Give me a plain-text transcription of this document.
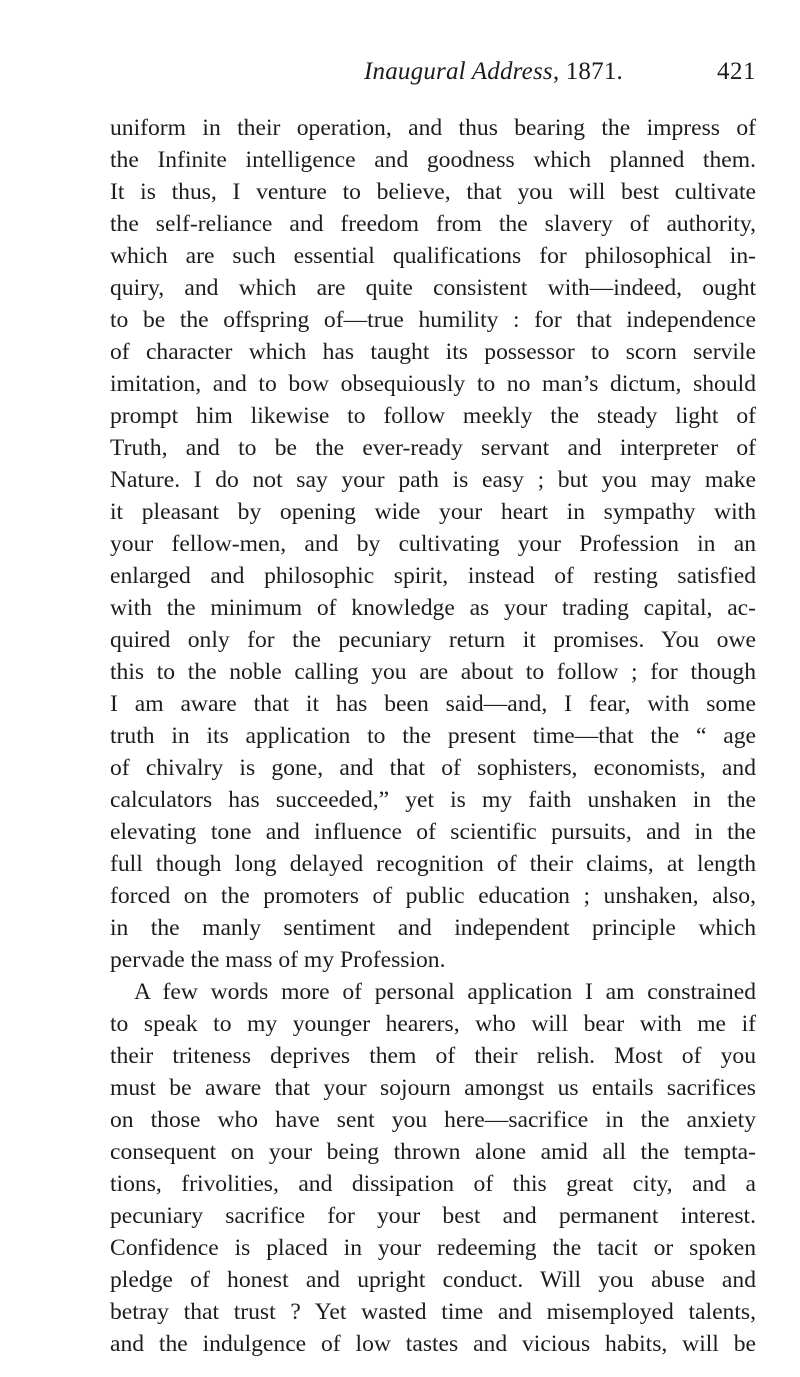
Inaugural Address, 1871.	421
uniform in their operation, and thus bearing the impress of
the Infinite intelligence and goodness which planned them.
It is thus, I venture to believe, that you will best cultivate
the self-reliance and freedom from the slavery of authority,
which are such essential qualifications for philosophical in-
quiry, and which are quite consistent with—indeed, ought
to be the offspring of—true humility : for that independence
of character which has taught its possessor to scorn servile
imitation, and to bow obsequiously to no man’s dictum, should
prompt him likewise to follow meekly the steady light of
Truth, and to be the ever-ready servant and interpreter of
Nature. I do not say your path is easy ; but you may make
it pleasant by opening wide your heart in sympathy with
your fellow-men, and by cultivating your Profession in an
enlarged and philosophic spirit, instead of resting satisfied
with the minimum of knowledge as your trading capital, ac-
quired only for the pecuniary return it promises. You owe
this to the noble calling you are about to follow ; for though
I am aware that it has been said—and, I fear, with some
truth in its application to the present time—that the “ age
of chivalry is gone, and that of sophisters, economists, and
calculators has succeeded,” yet is my faith unshaken in the
elevating tone and influence of scientific pursuits, and in the
full though long delayed recognition of their claims, at length
forced on the promoters of public education ; unshaken, also,
in the manly sentiment and independent principle which
pervade the mass of my Profession.
A few words more of personal application I am constrained
to speak to my younger hearers, who will bear with me if
their triteness deprives them of their relish. Most of you
must be aware that your sojourn amongst us entails sacrifices
on those who have sent you here—sacrifice in the anxiety
consequent on your being thrown alone amid all the tempta-
tions, frivolities, and dissipation of this great city, and a
pecuniary sacrifice for your best and permanent interest.
Confidence is placed in your redeeming the tacit or spoken
pledge of honest and upright conduct. Will you abuse and
betray that trust ? Yet wasted time and misemployed talents,
and the indulgence of low tastes and vicious habits, will be
